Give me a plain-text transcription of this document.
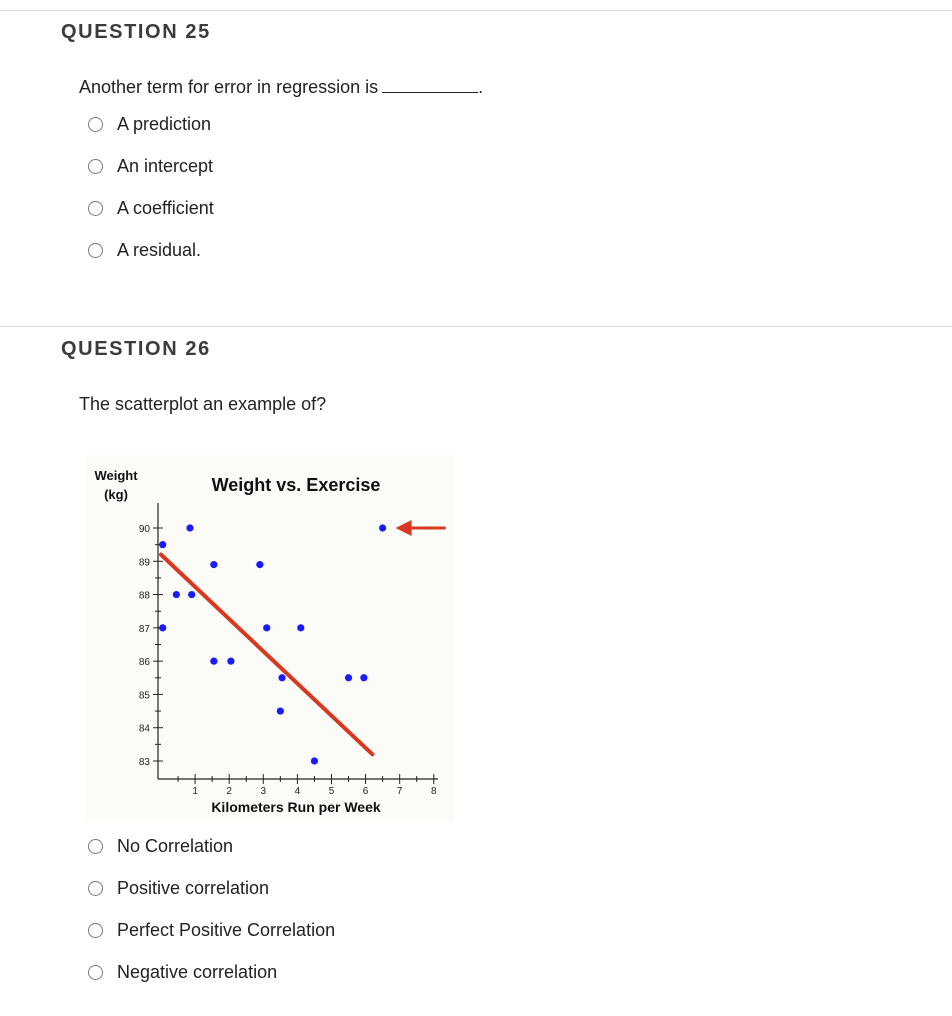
QUESTION 25
Another term for error in regression is	.
A prediction
An intercept
A coefficient
A residual.
QUESTION 26
The scatterplot an example of?
Weight vs. Exercise
Weight
(kg)
Kilometers Run per Week
90
89
88
87
86
85
84
83
1	2	3	4	5	6	7	8
No Correlation
Positive correlation
Perfect Positive Correlation
Negative correlation
